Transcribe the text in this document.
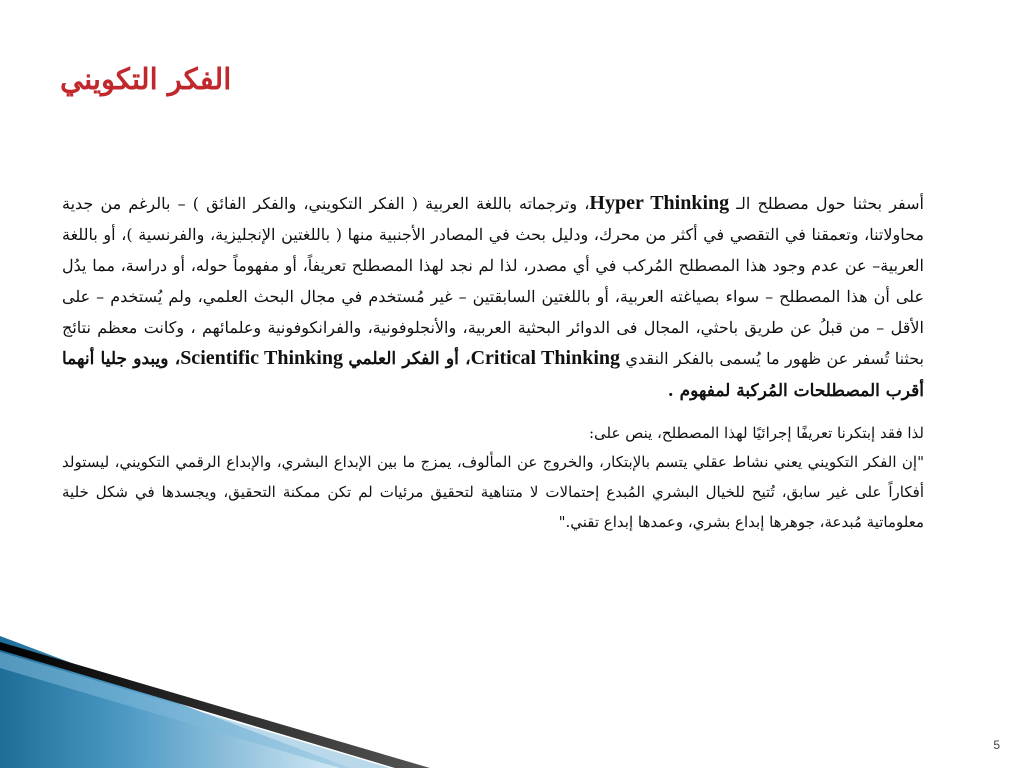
الفكر التكويني

أسفر بحثنا حول مصطلح الـ Hyper Thinking، وترجماته باللغة العربية ( الفكر التكويني، والفكر الفائق ) – بالرغم من جدية محاولاتنا، وتعمقنا في التقصي في أكثر من محرك، ودليل بحث في المصادر الأجنبية منها ( باللغتين الإنجليزية، والفرنسية )، أو باللغة العربية– عن عدم وجود هذا المصطلح المُركب في أي مصدر، لذا لم نجد لهذا المصطلح تعريفاً، أو مفهوماً حوله، أو دراسة، مما يدُل على أن هذا المصطلح – سواء بصياغته العربية، أو باللغتين السابقتين – غير مُستخدم في مجال البحث العلمي، ولم يُستخدم – على الأقل – من قبلُ عن طريق باحثي، المجال فى الدوائر البحثية العربية، والأنجلوفونية، والفرانكوفونية وعلمائهم ، وكانت معظم نتائج بحثنا تُسفر عن ظهور ما يُسمى بالفكر النقدي Critical Thinking، أو الفكر العلمي Scientific Thinking، ويبدو جليا أنهما أقرب المصطلحات المُركبة لمفهوم .

لذا فقد إبتكرنا تعريفًا إجرائيًا لهذا المصطلح، ينص على:

"إن الفكر التكويني يعني نشاط عقلي يتسم بالإبتكار، والخروج عن المألوف، يمزج ما بين الإبداع البشري، والإبداع الرقمي التكويني، ليستولد أفكاراً على غير سابق، تُتيح للخيال البشري المُبدع إحتمالات لا متناهية لتحقيق مرئيات لم تكن ممكنة التحقيق، ويجسدها في شكل خلية معلوماتية مُبدعة، جوهرها إبداع بشري، وعمدها إبداع تقني."

5
